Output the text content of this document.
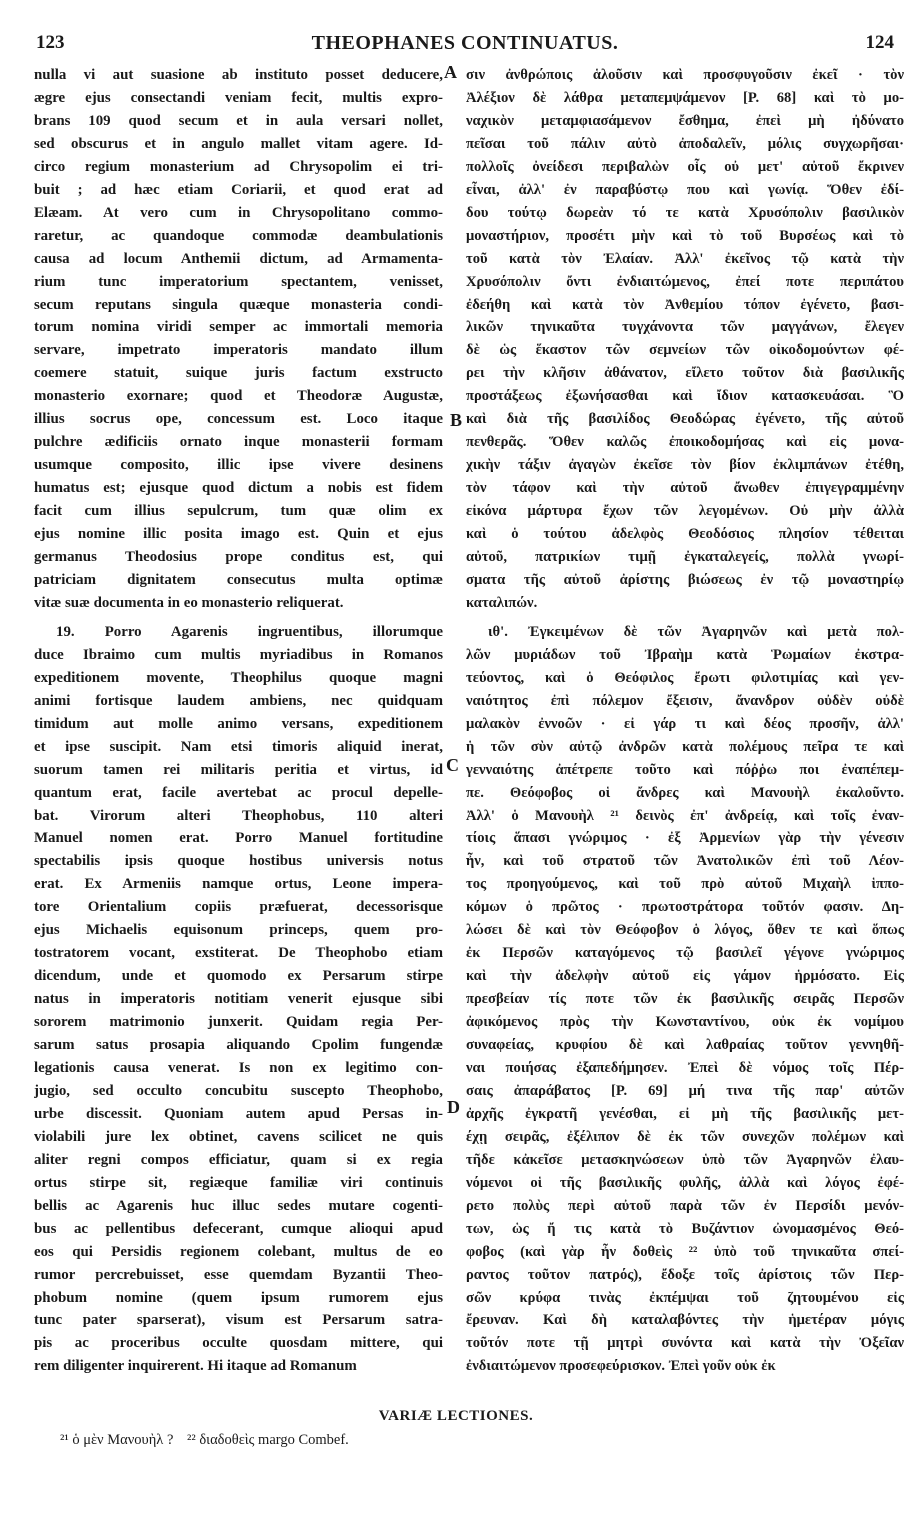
123	THEOPHANES CONTINUATUS.	124
nulla vi aut suasione ab instituto posset deducere,
ægre ejus consectandi veniam fecit, multis expro-
brans 109 quod secum et in aula versari nollet,
sed obscurus et in angulo mallet vitam agere. Id-
circo regium monasterium ad Chrysopolim ei tri-
buit ; ad hæc etiam Coriarii, et quod erat ad
Elæam. At vero cum in Chrysopolitano commo-
raretur, ac quandoque commodæ deambulationis
causa ad locum Anthemii dictum, ad Armamenta-
rium tunc imperatorium spectantem, venisset,
secum reputans singula quæque monasteria condi-
torum nomina viridi semper ac immortali memoria
servare, impetrato imperatoris mandato illum
coemere statuit, suique juris factum exstructo
monasterio exornare; quod et Theodoræ Augustæ,
illius socrus ope, concessum est. Loco itaque
pulchre ædificiis ornato inque monasterii formam
usumque composito, illic ipse vivere desinens
humatus est; ejusque quod dictum a nobis est fidem
facit cum illius sepulcrum, tum quæ olim ex
ejus nomine illic posita imago est. Quin et ejus
germanus Theodosius prope conditus est, qui
patriciam dignitatem consecutus multa optimæ
vitæ suæ documenta in eo monasterio reliquerat.
19. Porro Agarenis ingruentibus, illorumque
duce Ibraimo cum multis myriadibus in Romanos
expeditionem movente, Theophilus quoque magni
animi fortisque laudem ambiens, nec quidquam
timidum aut molle animo versans, expeditionem
et ipse suscipit. Nam etsi timoris aliquid inerat,
suorum tamen rei militaris peritia et virtus, id
quantum erat, facile avertebat ac procul depelle-
bat. Virorum alteri Theophobus, 110 alteri
Manuel nomen erat. Porro Manuel fortitudine
spectabilis ipsis quoque hostibus universis notus
erat. Ex Armeniis namque ortus, Leone impera-
tore Orientalium copiis præfuerat, decessorisque
ejus Michaelis equisonum princeps, quem pro-
tostratorem vocant, exstiterat. De Theophobo etiam
dicendum, unde et quomodo ex Persarum stirpe
natus in imperatoris notitiam venerit ejusque sibi
sororem matrimonio junxerit. Quidam regia Per-
sarum satus prosapia aliquando Cpolim fungendæ
legationis causa venerat. Is non ex legitimo con-
jugio, sed occulto concubitu suscepto Theophobo,
urbe discessit. Quoniam autem apud Persas in-
violabili jure lex obtinet, cavens scilicet ne quis
aliter regni compos efficiatur, quam si ex regia
ortus stirpe sit, regiæque familiæ viri continuis
bellis ac Agarenis huc illuc sedes mutare cogenti-
bus ac pellentibus defecerant, cumque alioqui apud
eos qui Persidis regionem colebant, multus de eo
rumor percrebuisset, esse quemdam Byzantii Theo-
phobum nomine (quem ipsum rumorem ejus
tunc pater sparserat), visum est Persarum satra-
pis ac proceribus occulte quosdam mittere, qui
rem diligenter inquirerent. Hi itaque ad Romanum
σιν ἀνθρώποις ἁλοῦσιν καὶ προσφυγοῦσιν ἐκεῖ · τὸν
Ἀλέξιον δὲ λάθρα μεταπεμψάμενον [P. 68] καὶ τὸ μο-
ναχικὸν μεταμφιασάμενον ἔσθημα, ἐπεὶ μὴ ἠδύνατο
πεῖσαι τοῦ πάλιν αὐτὸ ἀποδαλεῖν, μόλις συγχωρῆσαι·
πολλοῖς ὀνείδεσι περιβαλὼν οἷς οὐ μετ' αὐτοῦ ἔκρινεν
εἶναι, ἀλλ' ἐν παραβύστῳ που καὶ γωνίᾳ. Ὅθεν ἐδί-
δου τούτῳ δωρεὰν τό τε κατὰ Χρυσόπολιν βασιλικὸν
μοναστήριον, προσέτι μὴν καὶ τὸ τοῦ Βυρσέως καὶ τὸ
τοῦ κατὰ τὸν Ἐλαίαν. Ἀλλ' ἐκεῖνος τῷ κατὰ τὴν
Χρυσόπολιν ὄντι ἐνδιαιτώμενος, ἐπεί ποτε περιπάτου
ἐδεήθη καὶ κατὰ τὸν Ἀνθεμίου τόπον ἐγένετο, βασι-
λικῶν τηνικαῦτα τυγχάνοντα τῶν μαγγάνων, ἔλεγεν
δὲ ὡς ἕκαστον τῶν σεμνείων τῶν οἰκοδομούντων φέ-
ρει τὴν κλῆσιν ἀθάνατον, εἴλετο τοῦτον διὰ βασιλικῆς
προστάξεως ἐξωνήσασθαι καὶ ἴδιον κατασκευάσαι. Ὃ
καὶ διὰ τῆς βασιλίδος Θεοδώρας ἐγένετο, τῆς αὐτοῦ
πενθερᾶς. Ὅθεν καλῶς ἐποικοδομήσας καὶ εἰς μονα-
χικὴν τάξιν ἀγαγὼν ἐκεῖσε τὸν βίον ἐκλιμπάνων ἐτέθη,
τὸν τάφον καὶ τὴν αὐτοῦ ἄνωθεν ἐπιγεγραμμένην
εἰκόνα μάρτυρα ἔχων τῶν λεγομένων. Οὐ μὴν ἀλλὰ
καὶ ὁ τούτου ἀδελφὸς Θεοδόσιος πλησίον τέθειται
αὐτοῦ, πατρικίων τιμῇ ἐγκαταλεγείς, πολλὰ γνωρί-
σματα τῆς αὐτοῦ ἀρίστης βιώσεως ἐν τῷ μοναστηρίῳ
καταλιπών.
ιθ'. Ἐγκειμένων δὲ τῶν Ἀγαρηνῶν καὶ μετὰ πολ-
λῶν μυριάδων τοῦ Ἰβραὴμ κατὰ Ῥωμαίων ἐκστρα-
τεύοντος, καὶ ὁ Θεόφιλος ἔρωτι φιλοτιμίας καὶ γεν-
ναιότητος ἐπὶ πόλεμον ἔξεισιν, ἄνανδρον οὐδὲν οὐδὲ
μαλακὸν ἐννοῶν · εἰ γάρ τι καὶ δέος προσῆν, ἀλλ'
ἡ τῶν σὺν αὐτῷ ἀνδρῶν κατὰ πολέμους πεῖρα τε καὶ
γενναιότης ἀπέτρεπε τοῦτο καὶ πόῤῥω ποι ἐναπέπεμ-
πε. Θεόφοβος οἱ ἄνδρες καὶ Μανουὴλ ἐκαλοῦντο.
Ἀλλ' ὁ Μανουὴλ ²¹ δεινὸς ἐπ' ἀνδρείᾳ, καὶ τοῖς ἐναν-
τίοις ἅπασι γνώριμος · ἐξ Ἀρμενίων γὰρ τὴν γένεσιν
ἦν, καὶ τοῦ στρατοῦ τῶν Ἀνατολικῶν ἐπὶ τοῦ Λέον-
τος προηγούμενος, καὶ τοῦ πρὸ αὐτοῦ Μιχαὴλ ἱππο-
κόμων ὁ πρῶτος · πρωτοστράτορα τοῦτόν φασιν. Δη-
λώσει δὲ καὶ τὸν Θεόφοβον ὁ λόγος, ὅθεν τε καὶ ὅπως
ἐκ Περσῶν καταγόμενος τῷ βασιλεῖ γέγονε γνώριμος
καὶ τὴν ἀδελφὴν αὐτοῦ εἰς γάμον ἡρμόσατο. Εἰς
πρεσβείαν τίς ποτε τῶν ἐκ βασιλικῆς σειρᾶς Περσῶν
ἀφικόμενος πρὸς τὴν Κωνσταντίνου, οὐκ ἐκ νομίμου
συναφείας, κρυφίου δὲ καὶ λαθραίας τοῦτον γεννηθῆ-
ναι ποιήσας ἐξαπεδήμησεν. Ἐπεὶ δὲ νόμος τοῖς Πέρ-
σαις ἀπαράβατος [P. 69] μή τινα τῆς παρ' αὐτῶν
ἀρχῆς ἐγκρατῆ γενέσθαι, εἰ μὴ τῆς βασιλικῆς μετ-
έχῃ σειρᾶς, ἐξέλιπον δὲ ἐκ τῶν συνεχῶν πολέμων καὶ
τῆδε κἀκεῖσε μετασκηνώσεων ὑπὸ τῶν Ἀγαρηνῶν ἐλαυ-
νόμενοι οἱ τῆς βασιλικῆς φυλῆς, ἀλλὰ καὶ λόγος ἐφέ-
ρετο πολὺς περὶ αὐτοῦ παρὰ τῶν ἐν Περσίδι μενόν-
των, ὡς ἤ τις κατὰ τὸ Βυζάντιον ὠνομασμένος Θεό-
φοβος (καὶ γὰρ ἦν δοθεὶς ²² ὑπὸ τοῦ τηνικαῦτα σπεί-
ραντος τοῦτον πατρός), ἔδοξε τοῖς ἀρίστοις τῶν Περ-
σῶν κρύφα τινὰς ἐκπέμψαι τοῦ ζητουμένου εἰς
ἔρευναν. Καὶ δὴ καταλαβόντες τὴν ἡμετέραν μόγις
τοῦτόν ποτε τῇ μητρὶ συνόντα καὶ κατὰ τὴν Ὀξεῖαν
ἐνδιαιτώμενον προσεφεύρισκον. Ἐπεὶ γοῦν οὐκ ἐκ
A
B
C
D
VARIÆ LECTIONES.
²¹ ὁ μὲν Μανουὴλ ? ²² διαδοθεὶς margo Combef.
